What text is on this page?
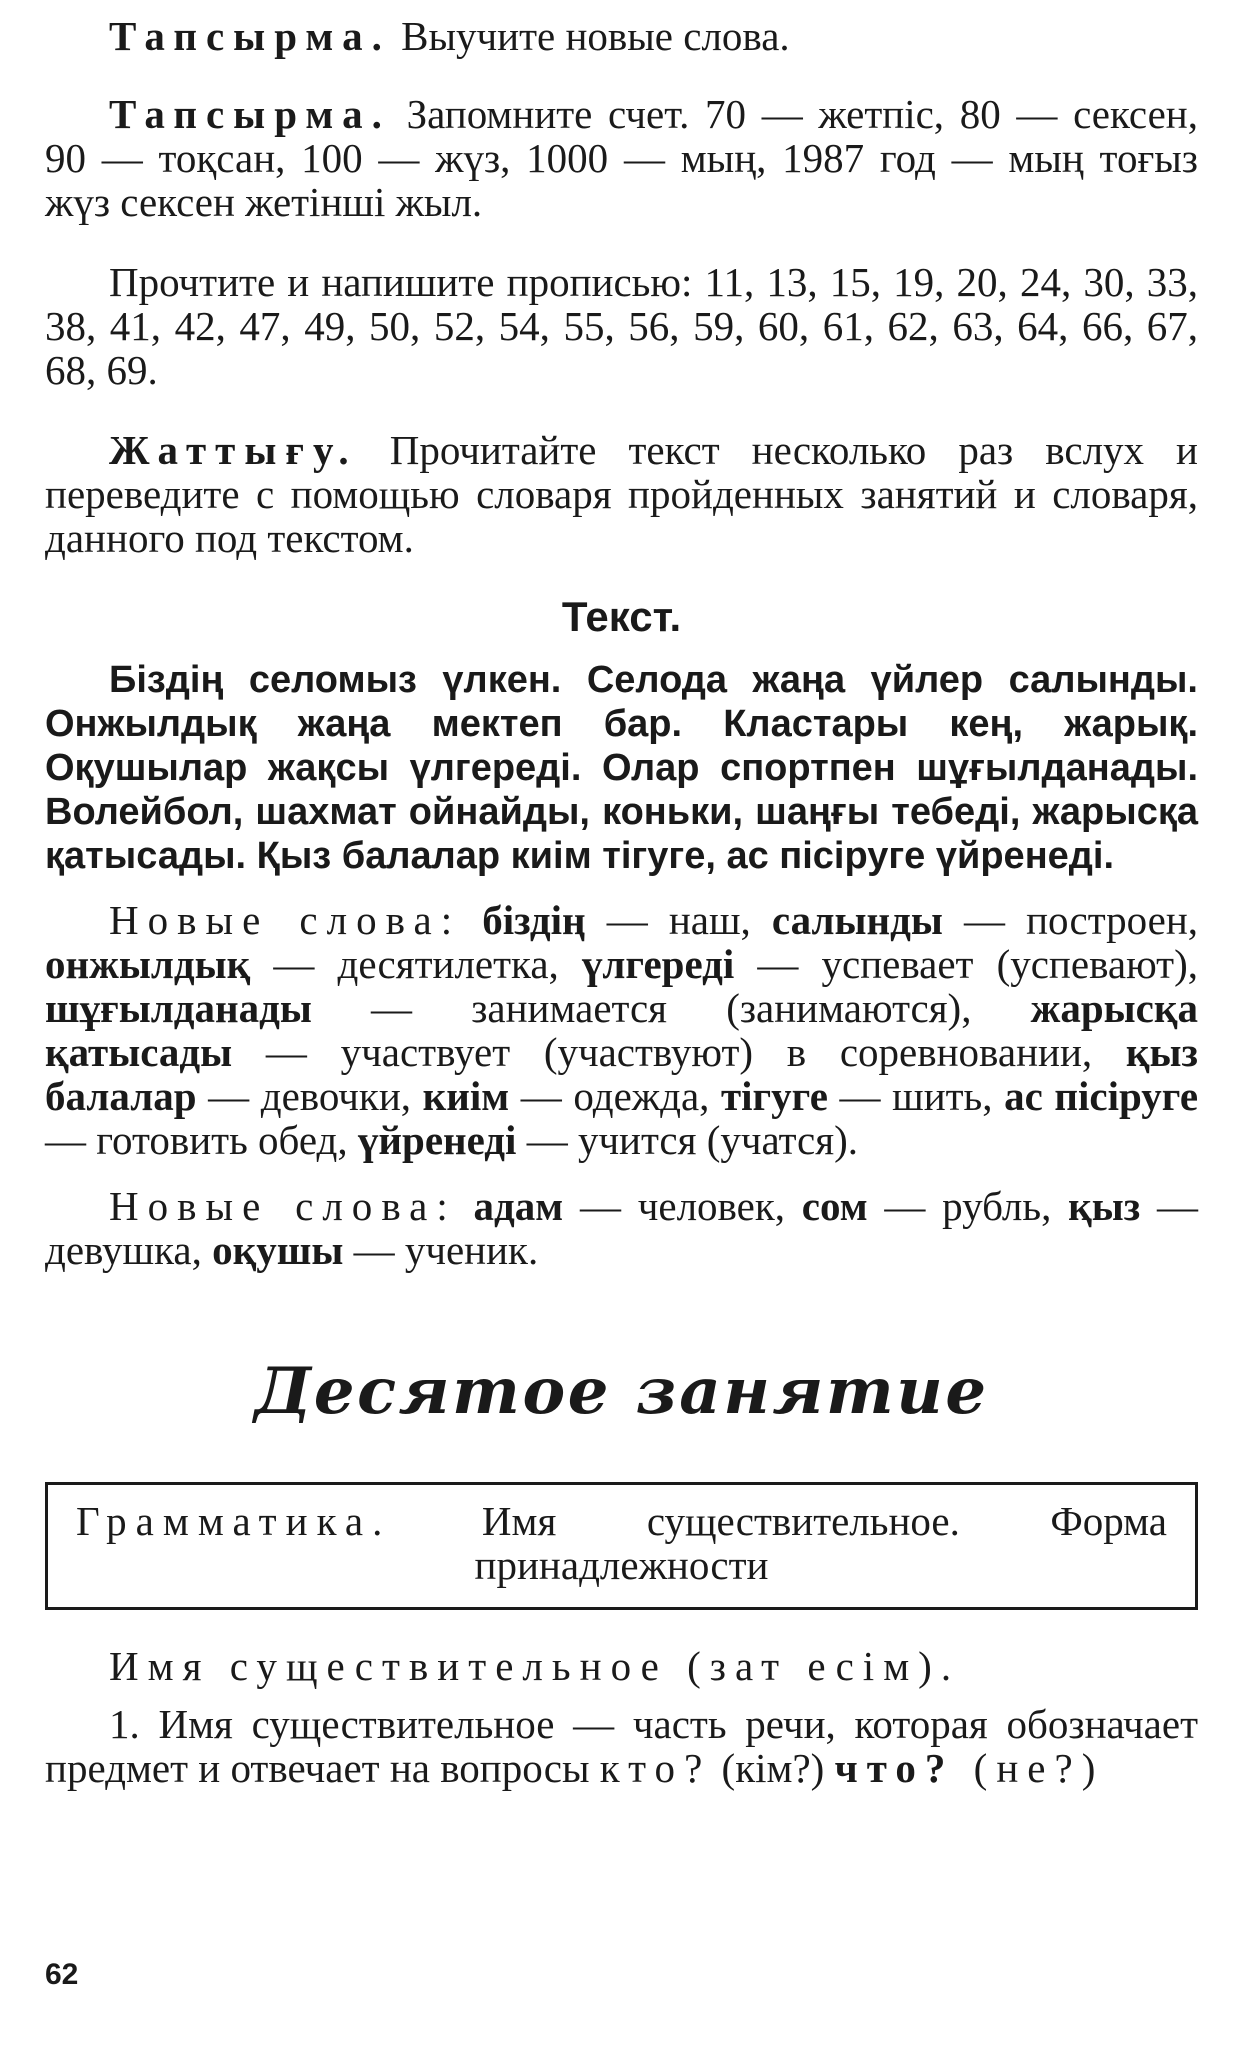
Тапсырма. Выучите новые слова.

Тапсырма. Запомните счет. 70 — жетпіс, 80 — сексен, 90 — тоқсан, 100 — жүз, 1000 — мың, 1987 год — мың тоғыз жүз сексен жетінші жыл.

Прочтите и напишите прописью: 11, 13, 15, 19, 20, 24, 30, 33, 38, 41, 42, 47, 49, 50, 52, 54, 55, 56, 59, 60, 61, 62, 63, 64, 66, 67, 68, 69.

Жаттығу. Прочитайте текст несколько раз вслух и переведите с помощью словаря пройденных занятий и словаря, данного под текстом.

Текст.

Біздің селомыз үлкен. Селода жаңа үйлер салынды. Онжылдық жаңа мектеп бар. Кластары кең, жарық. Оқушылар жақсы үлгереді. Олар спортпен шұғылданады. Волейбол, шахмат ойнайды, коньки, шаңғы тебеді, жарысқа қатысады. Қыз балалар киім тігуге, ас пісіруге үйренеді.

Новые слова: біздің — наш, салынды — построен, онжылдық — десятилетка, үлгереді — успевает (успевают), шұғылданады — занимается (занимаются), жарысқа қатысады — участвует (участвуют) в соревновании, қыз балалар — девочки, киім — одежда, тігуге — шить, ас пісіруге — готовить обед, үйренеді — учится (учатся).

Новые слова: адам — человек, сом — рубль, қыз — девушка, оқушы — ученик.

Десятое занятие
Грамматика. Имя существительное. Форма
принадлежности

Имя существительное (зат есім).

1. Имя существительное — часть речи, которая обозначает предмет и отвечает на вопросы кто? (кім?) что? (не?)

62
